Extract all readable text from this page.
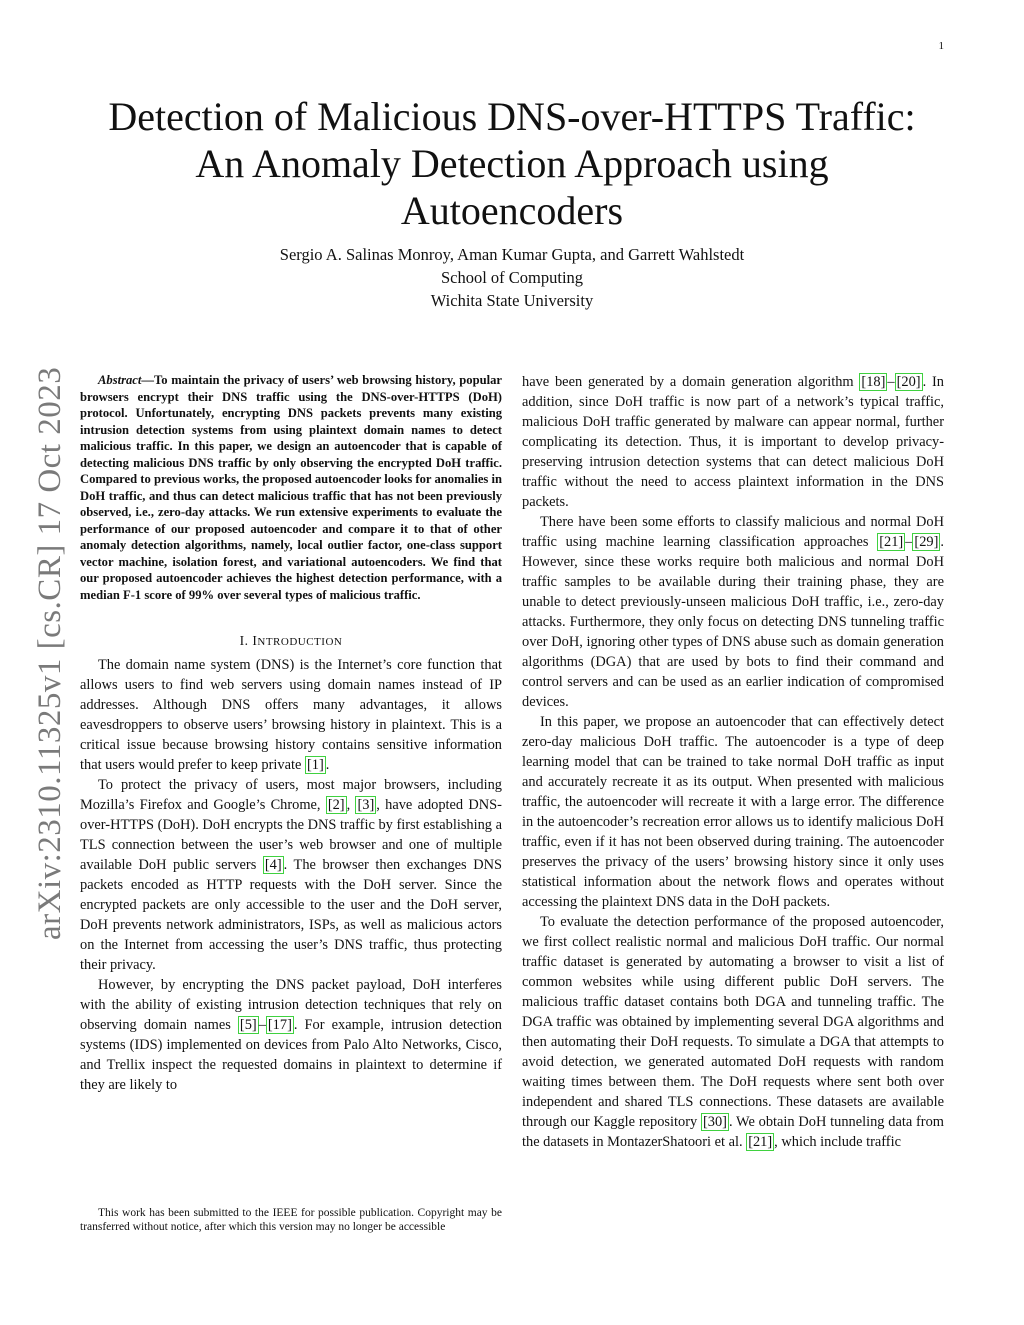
1
arXiv:2310.11325v1 [cs.CR] 17 Oct 2023
Detection of Malicious DNS-over-HTTPS Traffic:
An Anomaly Detection Approach using
Autoencoders
Sergio A. Salinas Monroy, Aman Kumar Gupta, and Garrett Wahlstedt
School of Computing
Wichita State University

Abstract—To maintain the privacy of users’ web browsing history, popular browsers encrypt their DNS traffic using the DNS-over-HTTPS (DoH) protocol. Unfortunately, encrypting DNS packets prevents many existing intrusion detection systems from using plaintext domain names to detect malicious traffic. In this paper, we design an autoencoder that is capable of detecting malicious DNS traffic by only observing the encrypted DoH traffic. Compared to previous works, the proposed autoencoder looks for anomalies in DoH traffic, and thus can detect malicious traffic that has not been previously observed, i.e., zero-day attacks. We run extensive experiments to evaluate the performance of our proposed autoencoder and compare it to that of other anomaly detection algorithms, namely, local outlier factor, one-class support vector machine, isolation forest, and variational autoencoders. We find that our proposed autoencoder achieves the highest detection performance, with a median F-1 score of 99% over several types of malicious traffic.

I. INTRODUCTION

The domain name system (DNS) is the Internet’s core function that allows users to find web servers using domain names instead of IP addresses. Although DNS offers many advantages, it allows eavesdroppers to observe users’ browsing history in plaintext. This is a critical issue because browsing history contains sensitive information that users would prefer to keep private [1] .

To protect the privacy of users, most major browsers, including Mozilla’s Firefox and Google’s Chrome, [2] , [3] , have adopted DNS-over-HTTPS (DoH). DoH encrypts the DNS traffic by first establishing a TLS connection between the user’s web browser and one of multiple available DoH public servers [4] . The browser then exchanges DNS packets encoded as HTTP requests with the DoH server. Since the encrypted packets are only accessible to the user and the DoH server, DoH prevents network administrators, ISPs, as well as malicious actors on the Internet from accessing the user’s DNS traffic, thus protecting their privacy.

However, by encrypting the DNS packet payload, DoH interferes with the ability of existing intrusion detection techniques that rely on observing domain names [5] – [17] . For example, intrusion detection systems (IDS) implemented on devices from Palo Alto Networks, Cisco, and Trellix inspect the requested domains in plaintext to determine if they are likely to

This work has been submitted to the IEEE for possible publication. Copyright may be transferred without notice, after which this version may no longer be accessible

have been generated by a domain generation algorithm [18] – [20] . In addition, since DoH traffic is now part of a network’s typical traffic, malicious DoH traffic generated by malware can appear normal, further complicating its detection. Thus, it is important to develop privacy-preserving intrusion detection systems that can detect malicious DoH traffic without the need to access plaintext information in the DNS packets.

There have been some efforts to classify malicious and normal DoH traffic using machine learning classification approaches [21] – [29] . However, since these works require both malicious and normal DoH traffic samples to be available during their training phase, they are unable to detect previously-unseen malicious DoH traffic, i.e., zero-day attacks. Furthermore, they only focus on detecting DNS tunneling traffic over DoH, ignoring other types of DNS abuse such as domain generation algorithms (DGA) that are used by bots to find their command and control servers and can be used as an earlier indication of compromised devices.

In this paper, we propose an autoencoder that can effectively detect zero-day malicious DoH traffic. The autoencoder is a type of deep learning model that can be trained to take normal DoH traffic as input and accurately recreate it as its output. When presented with malicious traffic, the autoencoder will recreate it with a large error. The difference in the autoencoder’s recreation error allows us to identify malicious DoH traffic, even if it has not been observed during training. The autoencoder preserves the privacy of the users’ browsing history since it only uses statistical information about the network flows and operates without accessing the plaintext DNS data in the DoH packets.

To evaluate the detection performance of the proposed autoencoder, we first collect realistic normal and malicious DoH traffic. Our normal traffic dataset is generated by automating a browser to visit a list of common websites while using different public DoH servers. The malicious traffic dataset contains both DGA and tunneling traffic. The DGA traffic was obtained by implementing several DGA algorithms and then automating their DoH requests. To simulate a DGA that attempts to avoid detection, we generated automated DoH requests with random waiting times between them. The DoH requests where sent both over independent and shared TLS connections. These datasets are available through our Kaggle repository [30] . We obtain DoH tunneling data from the datasets in MontazerShatoori et al. [21] , which include traffic
